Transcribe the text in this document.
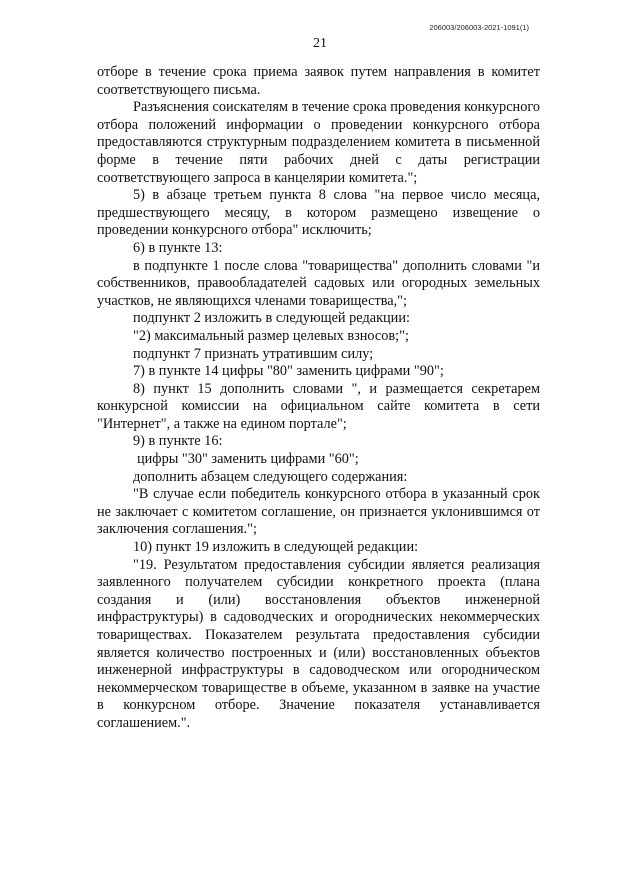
206003/206003-2021-1091(1)
21

отборе в течение срока приема заявок путем направления в комитет соответствующего письма.

Разъяснения соискателям в течение срока проведения конкурсного отбора положений информации о проведении конкурсного отбора предоставляются структурным подразделением комитета в письменной форме в течение пяти рабочих дней с даты регистрации соответствующего запроса в канцелярии комитета.";

5) в абзаце третьем пункта 8 слова "на первое число месяца, предшествующего месяцу, в котором размещено извещение о проведении конкурсного отбора" исключить;

6) в пункте 13:

в подпункте 1 после слова "товарищества" дополнить словами "и собственников, правообладателей садовых или огородных земельных участков, не являющихся членами товарищества,";

подпункт 2 изложить в следующей редакции:

"2) максимальный размер целевых взносов;";

подпункт 7 признать утратившим силу;

7) в пункте 14 цифры "80" заменить цифрами "90";

8) пункт 15 дополнить словами ", и размещается секретарем конкурсной комиссии на официальном сайте комитета в сети "Интернет", а также на едином портале";

9) в пункте 16:

цифры "30" заменить цифрами "60";

дополнить абзацем следующего содержания:

"В случае если победитель конкурсного отбора в указанный срок не заключает с комитетом соглашение, он признается уклонившимся от заключения соглашения.";

10) пункт 19 изложить в следующей редакции:

"19. Результатом предоставления субсидии является реализация заявленного получателем субсидии конкретного проекта (плана создания и (или) восстановления объектов инженерной инфраструктуры) в садоводческих и огороднических некоммерческих товариществах. Показателем результата предоставления субсидии является количество построенных и (или) восстановленных объектов инженерной инфраструктуры в садоводческом или огородническом некоммерческом товариществе в объеме, указанном в заявке на участие в конкурсном отборе. Значение показателя устанавливается соглашением.".
